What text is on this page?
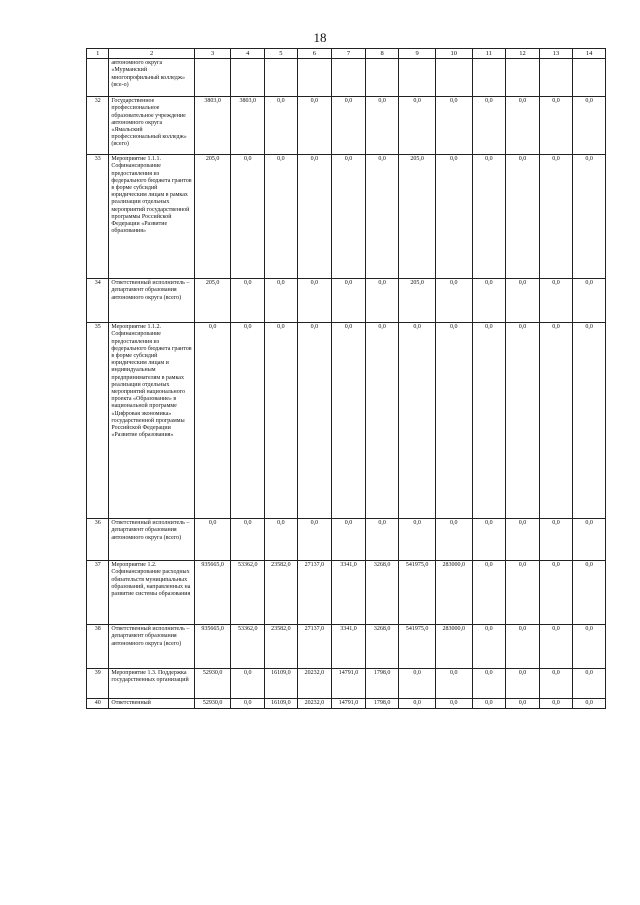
18
1	2	3	4	5	6	7	8	9	10	11	12	13	14
	автономного округа «Мурманский многопрофильный колледж» (все-о)												
32	Государственное профессиональное образовательное учреждение автономного округа «Ямальский профессиональный колледж» (всего)	3803,0	3803,0	0,0	0,0	0,0	0,0	0,0	0,0	0,0	0,0	0,0	0,0
33	Мероприятие 1.1.1. Софинансирование предоставления из федерального бюджета грантов в форме субсидий юридическим лицам в рамках реализации отдельных мероприятий государственной программы Российской Федерации «Развитие образования»	205,0	0,0	0,0	0,0	0,0	0,0	205,0	0,0	0,0	0,0	0,0	0,0
34	Ответственный исполнитель – департамент образования автономного округа (всего)	205,0	0,0	0,0	0,0	0,0	0,0	205,0	0,0	0,0	0,0	0,0	0,0
35	Мероприятие 1.1.2. Софинансирование предоставления из федерального бюджета грантов в форме субсидий юридическим лицам и индивидуальным предпринимателям в рамках реализации отдельных мероприятий национального проекта «Образование» в национальной программе «Цифровая экономика» государственной программы Российской Федерации «Развитие образования»	0,0	0,0	0,0	0,0	0,0	0,0	0,0	0,0	0,0	0,0	0,0	0,0
36	Ответственный исполнитель – департамент образования автономного округа (всего)	0,0	0,0	0,0	0,0	0,0	0,0	0,0	0,0	0,0	0,0	0,0	0,0
37	Мероприятие 1.2. Софинансирование расходных обязательств муниципальных образований, направленных на развитие системы образования	935665,0	53362,0	23582,0	27137,0	3341,0	3268,0	541975,0	283000,0	0,0	0,0	0,0	0,0
38	Ответственный исполнитель – департамент образования автономного округа (всего)	935665,0	53362,0	23582,0	27137,0	3341,0	3268,0	541975,0	283000,0	0,0	0,0	0,0	0,0
39	Мероприятие 1.3. Поддержка государственных организаций	52930,0	0,0	16109,0	20232,0	14791,0	1798,0	0,0	0,0	0,0	0,0	0,0	0,0
40	Ответственный	52930,0	0,0	16109,0	20232,0	14791,0	1798,0	0,0	0,0	0,0	0,0	0,0	0,0
